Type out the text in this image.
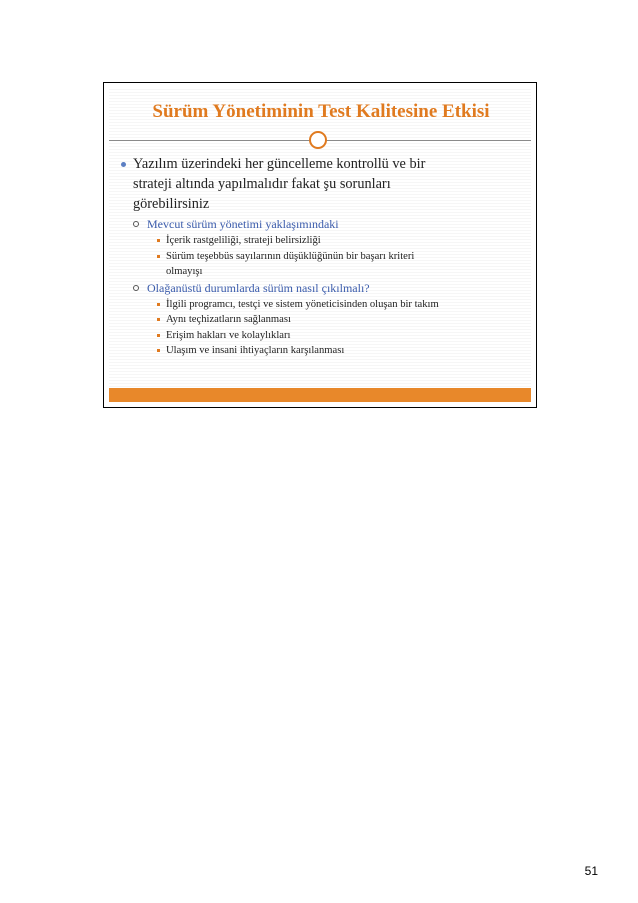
Sürüm Yönetiminin Test Kalitesine Etkisi
Yazılım üzerindeki her güncelleme kontrollü ve bir
strateji altında yapılmalıdır fakat şu sorunları
görebilirsiniz
Mevcut sürüm yönetimi yaklaşımındaki
İçerik rastgeliliği, strateji belirsizliği
Sürüm teşebbüs sayılarının düşüklüğünün bir başarı kriteri
olmayışı
Olağanüstü durumlarda sürüm nasıl çıkılmalı?
İlgili programcı, testçi ve sistem yöneticisinden oluşan bir takım
Aynı teçhizatların sağlanması
Erişim hakları ve kolaylıkları
Ulaşım ve insani ihtiyaçların karşılanması
51
